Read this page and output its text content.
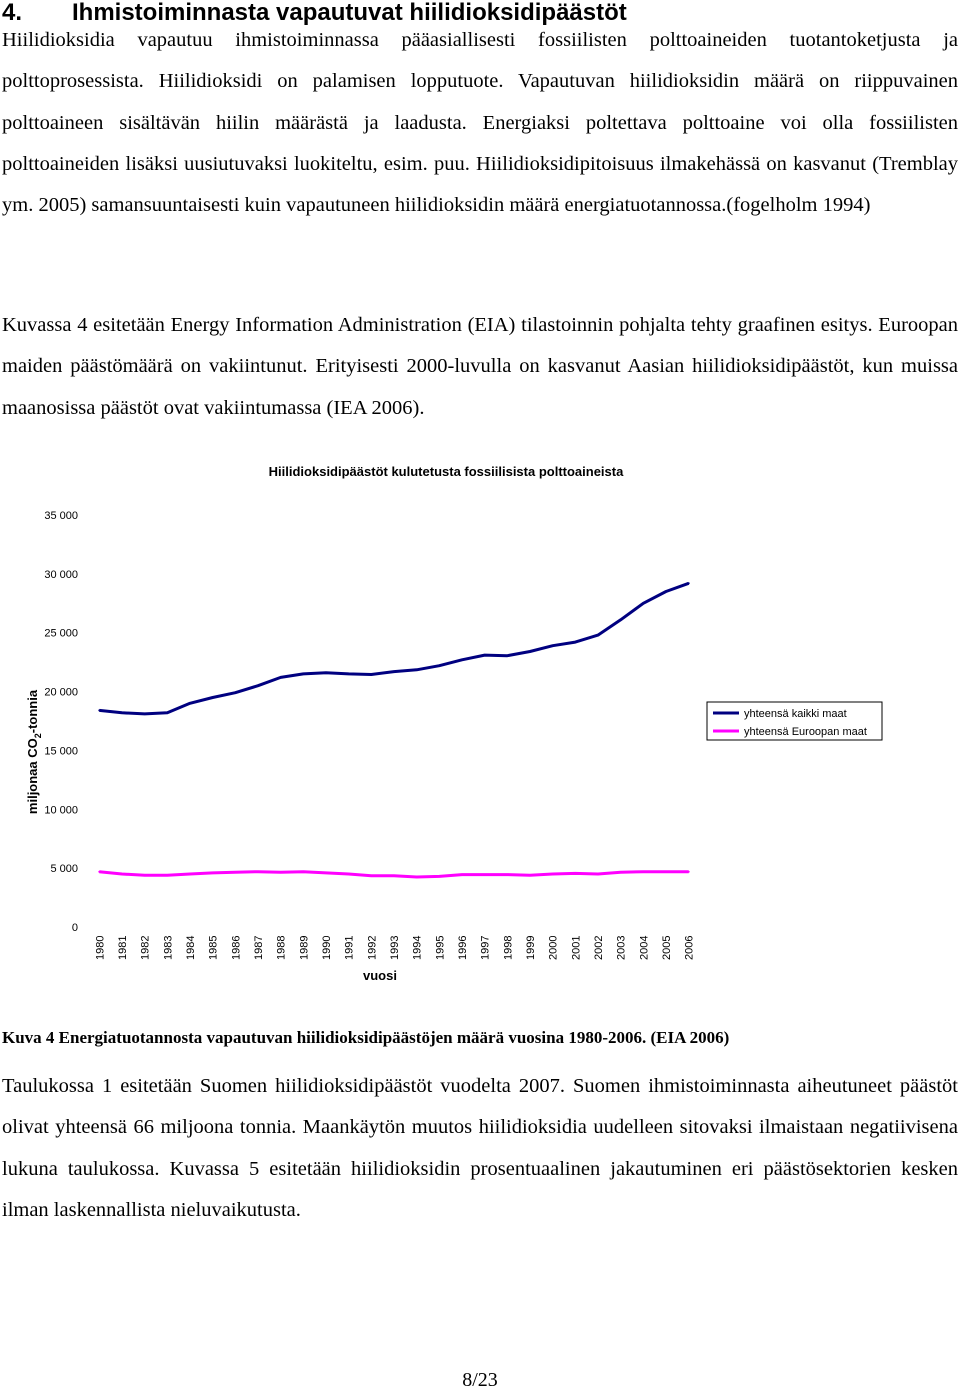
4. Ihmistoiminnasta vapautuvat hiilidioksidipäästöt

Hiilidioksidia vapautuu ihmistoiminnassa pääasiallisesti fossiilisten polttoaineiden tuotantoketjusta ja polttoprosessista. Hiilidioksidi on palamisen lopputuote. Vapautuvan hiilidioksidin määrä on riippuvainen polttoaineen sisältävän hiilin määrästä ja laadusta. Energiaksi poltettava polttoaine voi olla fossiilisten polttoaineiden lisäksi uusiutuvaksi luokiteltu, esim. puu. Hiilidioksidipitoisuus ilmakehässä on kasvanut (Tremblay ym. 2005) samansuuntaisesti kuin vapautuneen hiilidioksidin määrä energiatuotannossa.(fogelholm 1994)

Kuvassa 4 esitetään Energy Information Administration (EIA) tilastoinnin pohjalta tehty graafinen esitys. Euroopan maiden päästömäärä on vakiintunut. Erityisesti 2000-luvulla on kasvanut Aasian hiilidioksidipäästöt, kun muissa maanosissa päästöt ovat vakiintumassa (IEA 2006).

Hiilidioksidipäästöt kulutetusta fossiilisista polttoaineista
0
5 000
10 000
15 000
20 000
25 000
30 000
35 000
1980 1981 1982 1983 1984 1985 1986 1987 1988 1989 1990 1991 1992 1993 1994 1995 1996 1997 1998 1999 2000 2001 2002 2003 2004 2005 2006
vuosi
miljonaa $CO_2$-tonnia	yhteensä kaikki maat
yhteensä Euroopan maat

Kuva 4 Energiatuotannosta vapautuvan hiilidioksidipäästöjen määrä vuosina 1980-2006. (EIA 2006)

Taulukossa 1 esitetään Suomen hiilidioksidipäästöt vuodelta 2007. Suomen ihmistoiminnasta aiheutuneet päästöt olivat yhteensä 66 miljoona tonnia. Maankäytön muutos hiilidioksidia uudelleen sitovaksi ilmaistaan negatiivisena lukuna taulukossa. Kuvassa 5 esitetään hiilidioksidin prosentuaalinen jakautuminen eri päästösektorien kesken ilman laskennallista nieluvaikutusta.

8/23
